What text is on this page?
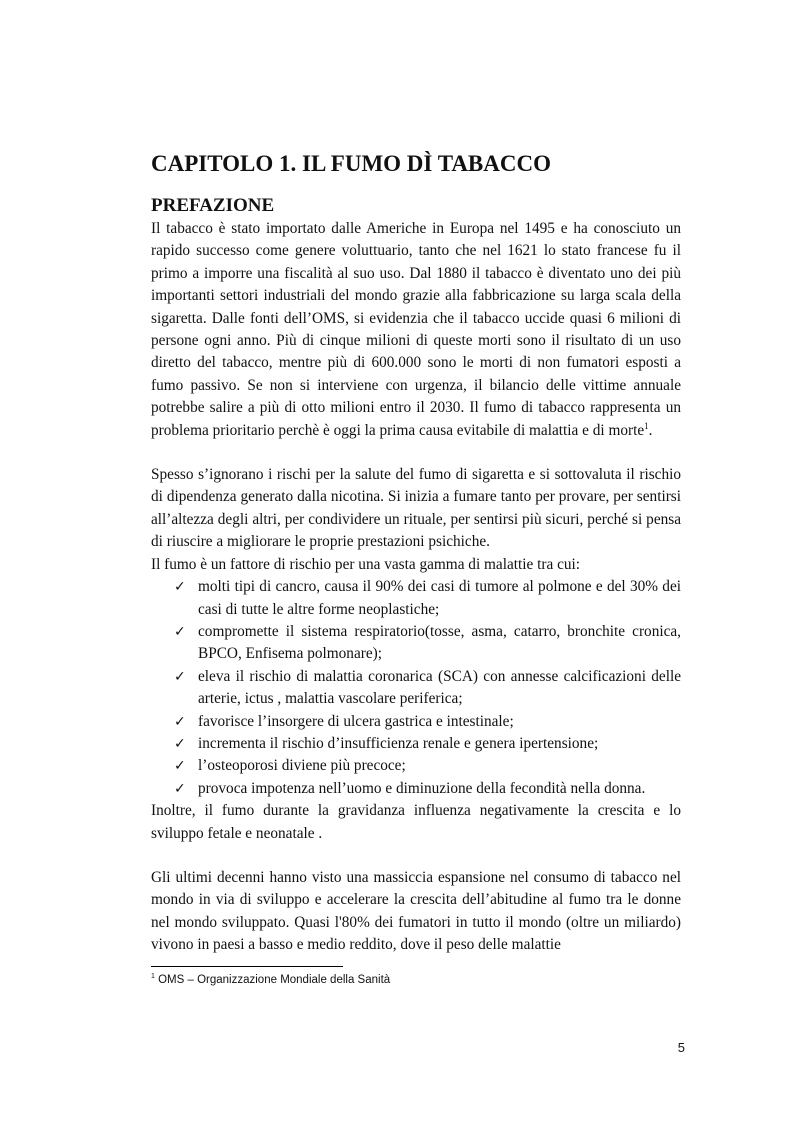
CAPITOLO 1. IL FUMO DÌ TABACCO
PREFAZIONE

Il tabacco è stato importato dalle Americhe in Europa nel 1495 e ha conosciuto un rapido successo come genere voluttuario, tanto che nel 1621 lo stato francese fu il primo a imporre una fiscalità al suo uso. Dal 1880 il tabacco è diventato uno dei più importanti settori industriali del mondo grazie alla fabbricazione su larga scala della sigaretta. Dalle fonti dell’OMS, si evidenzia che il tabacco uccide quasi 6 milioni di persone ogni anno. Più di cinque milioni di queste morti sono il risultato di un uso diretto del tabacco, mentre più di 600.000 sono le morti di non fumatori esposti a fumo passivo. Se non si interviene con urgenza, il bilancio delle vittime annuale potrebbe salire a più di otto milioni entro il 2030. Il fumo di tabacco rappresenta un problema prioritario perchè è oggi la prima causa evitabile di malattia e di morte$^1$.

Spesso s’ignorano i rischi per la salute del fumo di sigaretta e si sottovaluta il rischio di dipendenza generato dalla nicotina. Si inizia a fumare tanto per provare, per sentirsi all’altezza degli altri, per condividere un rituale, per sentirsi più sicuri, perché si pensa di riuscire a migliorare le proprie prestazioni psichiche.

Il fumo è un fattore di rischio per una vasta gamma di malattie tra cui:

✓ molti tipi di cancro, causa il 90% dei casi di tumore al polmone e del 30% dei casi di tutte le altre forme neoplastiche;
✓ compromette il sistema respiratorio(tosse, asma, catarro, bronchite cronica, BPCO, Enfisema polmonare);
✓ eleva il rischio di malattia coronarica (SCA) con annesse calcificazioni delle arterie, ictus , malattia vascolare periferica;
✓ favorisce l’insorgere di ulcera gastrica e intestinale;
✓ incrementa il rischio d’insufficienza renale e genera ipertensione;
✓ l’osteoporosi diviene più precoce;
✓ provoca impotenza nell’uomo e diminuzione della fecondità nella donna.

Inoltre, il fumo durante la gravidanza influenza negativamente la crescita e lo sviluppo fetale e neonatale .

Gli ultimi decenni hanno visto una massiccia espansione nel consumo di tabacco nel mondo in via di sviluppo e accelerare la crescita dell’abitudine al fumo tra le donne nel mondo sviluppato. Quasi l'80% dei fumatori in tutto il mondo (oltre un miliardo) vivono in paesi a basso e medio reddito, dove il peso delle malattie

$^1$ OMS – Organizzazione Mondiale della Sanità
5
